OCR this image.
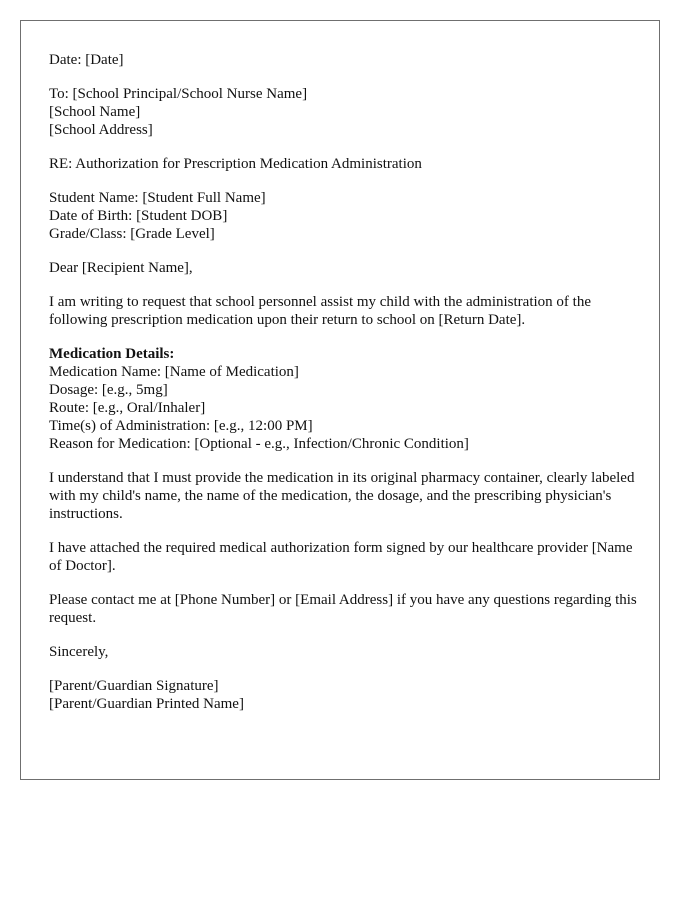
Date: [Date]
To: [School Principal/School Nurse Name]
[School Name]
[School Address]
RE: Authorization for Prescription Medication Administration
Student Name: [Student Full Name]
Date of Birth: [Student DOB]
Grade/Class: [Grade Level]
Dear [Recipient Name],
I am writing to request that school personnel assist my child with the administration of the following prescription medication upon their return to school on [Return Date].
Medication Details:
Medication Name: [Name of Medication]
Dosage: [e.g., 5mg]
Route: [e.g., Oral/Inhaler]
Time(s) of Administration: [e.g., 12:00 PM]
Reason for Medication: [Optional - e.g., Infection/Chronic Condition]
I understand that I must provide the medication in its original pharmacy container, clearly labeled with my child's name, the name of the medication, the dosage, and the prescribing physician's instructions.
I have attached the required medical authorization form signed by our healthcare provider [Name of Doctor].
Please contact me at [Phone Number] or [Email Address] if you have any questions regarding this request.
Sincerely,
[Parent/Guardian Signature]
[Parent/Guardian Printed Name]
